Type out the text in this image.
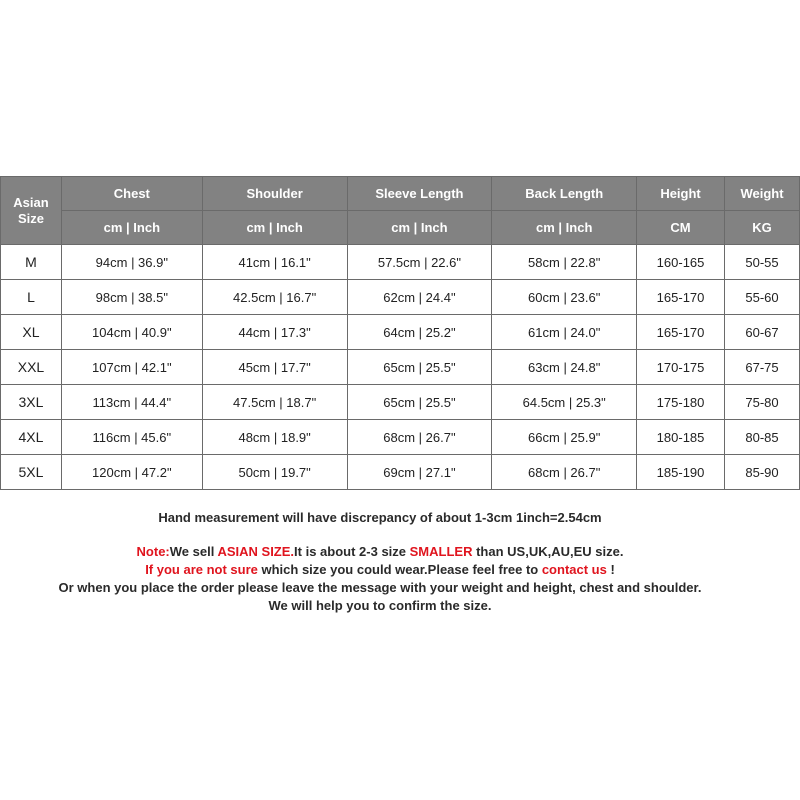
Asian
Size	Chest	Shoulder	Sleeve Length	Back Length	Height	Weight
	cm | Inch	cm | Inch	cm | Inch	cm | Inch	CM	KG
M	94cm | 36.9"	41cm | 16.1"	57.5cm | 22.6"	58cm | 22.8"	160-165	50-55
L	98cm | 38.5"	42.5cm | 16.7"	62cm | 24.4"	60cm | 23.6"	165-170	55-60
XL	104cm | 40.9"	44cm | 17.3"	64cm | 25.2"	61cm | 24.0"	165-170	60-67
XXL	107cm | 42.1"	45cm | 17.7"	65cm | 25.5"	63cm | 24.8"	170-175	67-75
3XL	113cm | 44.4"	47.5cm | 18.7"	65cm | 25.5"	64.5cm | 25.3"	175-180	75-80
4XL	116cm | 45.6"	48cm | 18.9"	68cm | 26.7"	66cm | 25.9"	180-185	80-85
5XL	120cm | 47.2"	50cm | 19.7"	69cm | 27.1"	68cm | 26.7"	185-190	85-90
Hand measurement will have discrepancy of about 1-3cm 1inch=2.54cm
Note:We sell ASIAN SIZE.It is about 2-3 size SMALLER than US,UK,AU,EU size.
If you are not sure which size you could wear.Please feel free to contact us !
Or when you place the order please leave the message with your weight and height, chest and shoulder.
We will help you to confirm the size.
